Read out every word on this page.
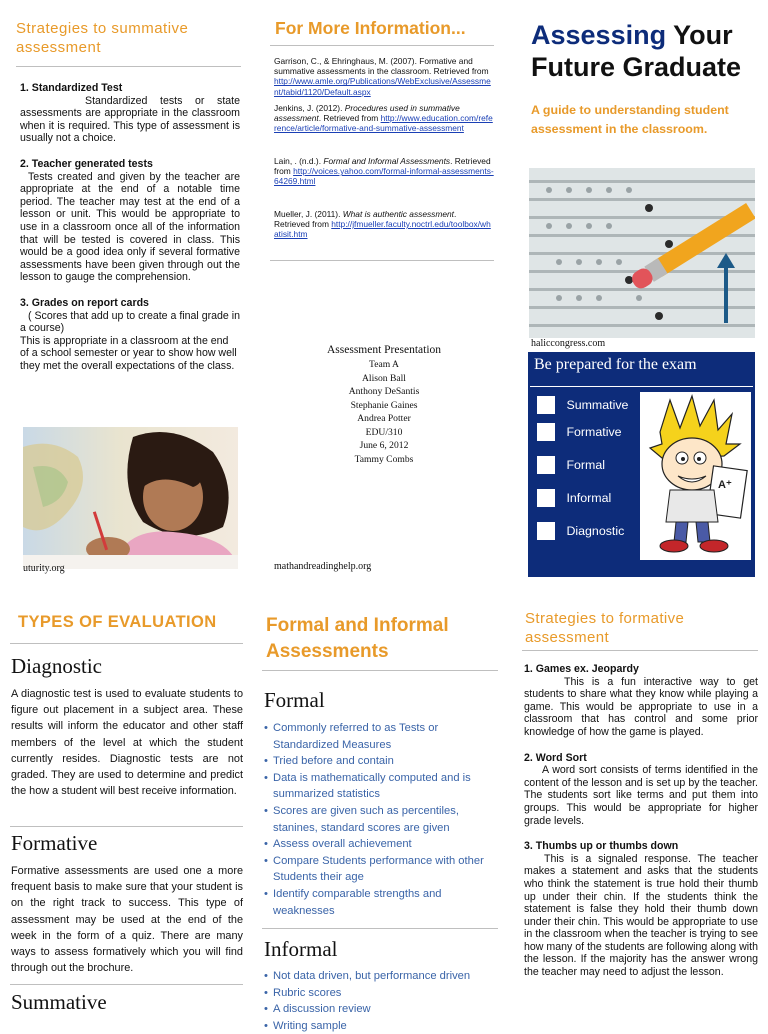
Strategies to summative assessment
1. Standardized Test
Standardized tests or state assessments are appropriate in the classroom when it is required. This type of assessment is usually not a choice.
2. Teacher generated tests
Tests created and given by the teacher are appropriate at the end of a notable time period. The teacher may test at the end of a lesson or unit. This would be appropriate to use in a classroom once all of the information that will be tested is covered in class. This would be a good idea only if several formative assessments have been given through out the lesson to gauge the comprehension.
3. Grades on report cards
( Scores that add up to create a final grade in a course)
This is appropriate in a classroom at the end of a school semester or year to show how well they met the overall expectations of the class.
uturity.org
For More Information...
Garrison, C., & Ehringhaus, M. (2007). Formative and summative assessments in the classroom. Retrieved from http://www.amle.org/Publications/WebExclusive/Assessment/tabid/1120/Default.aspx
Jenkins, J. (2012). Procedures used in summative assessment. Retrieved from http://www.education.com/reference/article/formative-and-summative-assessment
Lain, . (n.d.). Formal and Informal Assessments. Retrieved from http://voices.yahoo.com/formal-informal-assessments-64269.html
Mueller, J. (2011). What is authentic assessment. Retrieved from http://jfmueller.faculty.noctrl.edu/toolbox/whatisit.htm
Assessment Presentation
Team A
Alison Ball
Anthony DeSantis
Stephanie Gaines
Andrea Potter
EDU/310
June 6, 2012
Tammy Combs
mathandreadinghelp.org
Assessing Your Future Graduate
A guide to understanding student assessment in the classroom.
haliccongress.com
Be prepared for the exam
Summative
Formative
Formal
Informal
Diagnostic
A⁺
TYPES OF EVALUATION
Diagnostic
A diagnostic test is used to evaluate students to figure out placement in a subject area. These results will inform the educator and other staff members of the level at which the student currently resides. Diagnostic tests are not graded. They are used to determine and predict the how a student will best receive information.
Formative
Formative assessments are used one a more frequent basis to make sure that your student is on the right track to success. This type of assessment may be used at the end of the week in the form of a quiz. There are many ways to assess formatively which you will find through out the brochure.
Summative
Formal and Informal Assessments
Formal
• Commonly referred to as Tests or Standardized Measures
• Tried before and contain
• Data is mathematically computed and is summarized statistics
• Scores are given such as percentiles, stanines, standard scores are given
• Assess overall achievement
• Compare Students performance with other Students their age
• Identify comparable strengths and weaknesses
Informal
• Not data driven, but performance driven
• Rubric scores
• A discussion review
• Writing sample
Strategies to formative assessment
1. Games ex. Jeopardy
This is a fun interactive way to get students to share what they know while playing a game. This would be appropriate to use in a classroom that has control and some prior knowledge of how the game is played.
2. Word Sort
A word sort consists of terms identified in the content of the lesson and is set up by the teacher. The students sort like terms and put them into groups. This would be appropriate for higher grade levels.
3. Thumbs up or thumbs down
This is a signaled response. The teacher makes a statement and asks that the students who think the statement is true hold their thumb up under their chin. If the students think the statement is false they hold their thumb down under their chin. This would be appropriate to use in the classroom when the teacher is trying to see how many of the students are following along with the lesson. If the majority has the answer wrong the teacher may need to adjust the lesson.
